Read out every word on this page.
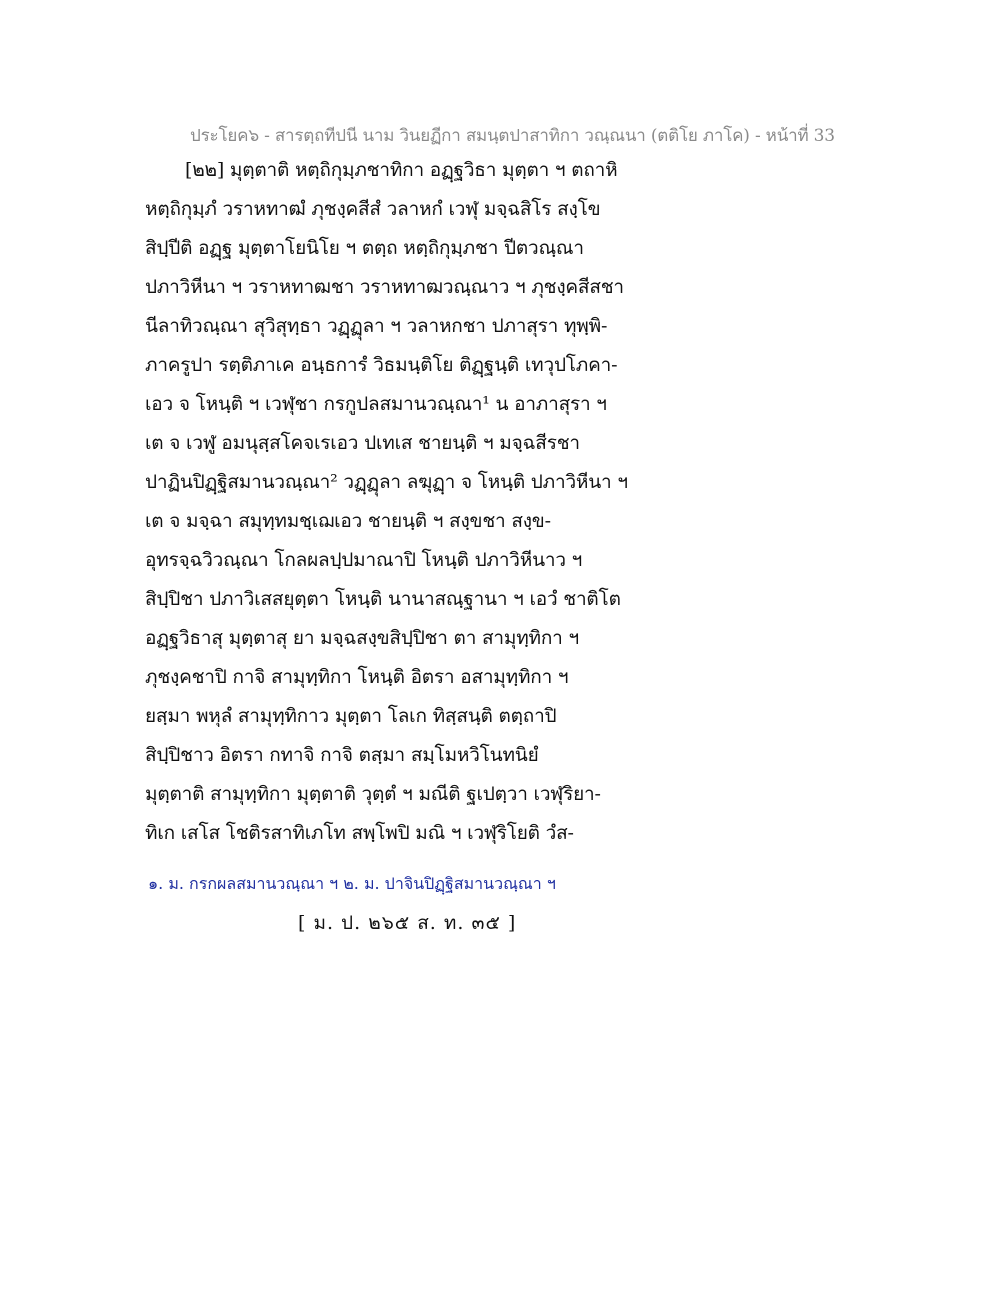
ประโยค๖ - สารตฺถทีปนี นาม วินยฏีกา สมนฺตปาสาทิกา วณฺณนา (ตติโย ภาโค) - หน้าที่ 33
[๒๒] มุตฺตาติ หตฺถิกุมฺภชาทิกา อฏฺฐวิธา มุตฺตา ฯ ตถาหิ
หตฺถิกุมฺภํ วราหทาฒํ ภุชงฺคสีสํ วลาหกํ เวฬุ มจฺฉสิโร สงฺโข
สิปฺปีติ อฏฺฐ มุตฺตาโยนิโย ฯ ตตฺถ หตฺถิกุมฺภชา ปีตวณฺณา
ปภาวิหีนา ฯ วราหทาฒชา วราหทาฒวณฺณาว ฯ ภุชงฺคสีสชา
นีลาทิวณฺณา สุวิสุทฺธา วฏฺฏุลา ฯ วลาหกชา ปภาสุรา ทุพฺพิ-
ภาครูปา รตฺติภาเค อนฺธการํ วิธมนฺติโย ติฏฺฐนฺติ เทวุปโภคา-
เอว จ โหนฺติ ฯ เวฬุชา กรกูปลสมานวณฺณา¹ น อาภาสุรา ฯ
เต จ เวฬู อมนุสฺสโคจเรเอว ปเทเส ชายนฺติ ฯ มจฺฉสีรชา
ปาฏินปิฏฺฐิสมานวณฺณา² วฏฺฏุลา ลฆุฏฺา จ โหนฺติ ปภาวิหีนา ฯ
เต จ มจฺฉา สมุทฺทมชฺเฌเอว ชายนฺติ ฯ สงฺขชา สงฺข-
อุทรจฺฉวิวณฺณา โกลผลปฺปมาณาปิ โหนฺติ ปภาวิหีนาว ฯ
สิปฺปิชา ปภาวิเสสยุตฺตา โหนฺติ นานาสณฺฐานา ฯ เอวํ ชาติโต
อฏฺฐวิธาสุ มุตฺตาสุ ยา มจฺฉสงฺขสิปฺปิชา ตา สามุทฺทิกา ฯ
ภุชงฺคชาปิ กาจิ สามุทฺทิกา โหนฺติ อิตรา อสามุทฺทิกา ฯ
ยสฺมา พหุลํ สามุทฺทิกาว มุตฺตา โลเก ทิสฺสนฺติ ตตฺถาปิ
สิปฺปิชาว อิตรา กทาจิ กาจิ ตสฺมา สมฺโมหวิโนทนิยํ
มุตฺตาติ สามุทฺทิกา มุตฺตาติ วุตฺตํ ฯ มณีติ ฐเปตฺวา เวฬุริยา-
ทิเก เสโส โชติรสาทิเภโท สพฺโพปิ มณิ ฯ เวฬุริโยติ วํส-
๑. ม. กรกผลสมานวณฺณา ฯ ๒. ม. ปาจินปิฏฺฐิสมานวณฺณา ฯ
[ ม. ป. ๒๖๕ ส. ท. ๓๕ ]
